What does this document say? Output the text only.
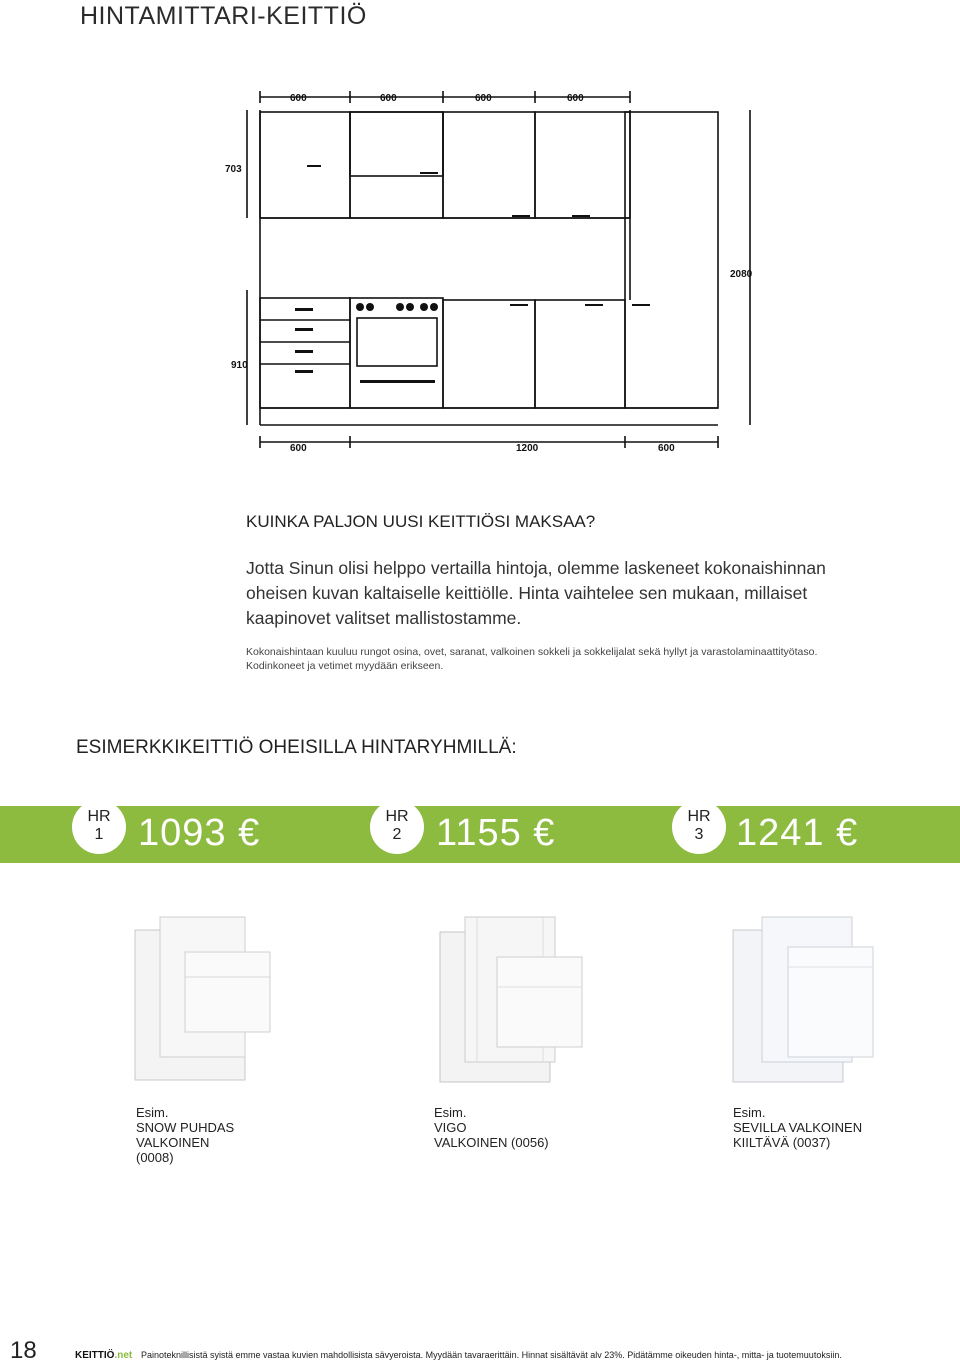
HINTAMITTARI-KEITTIÖ
600	600	600	600
703
910
2080
600	1200	600
KUINKA PALJON UUSI KEITTIÖSI MAKSAA?
Jotta Sinun olisi helppo vertailla hintoja, olemme laskeneet kokonaishinnan oheisen kuvan kaltaiselle keittiölle. Hinta vaihtelee sen mukaan, millaiset kaapinovet valitset mallistostamme.
Kokonaishintaan kuuluu rungot osina, ovet, saranat, valkoinen sokkeli ja sokkelijalat sekä hyllyt ja varastolaminaattityötaso. Kodinkoneet ja vetimet myydään erikseen.
ESIMERKKIKEITTIÖ OHEISILLA HINTARYHMILLÄ:
HR
1 1093 €	HR
2 1155 €	HR
3 1241 €
Esim.
SNOW PUHDAS
VALKOINEN
(0008)
Esim.
VIGO
VALKOINEN (0056)
Esim.
SEVILLA VALKOINEN
KIILTÄVÄ (0037)
18	KEITTIÖ.net Painoteknillisistä syistä emme vastaa kuvien mahdollisista sävyeroista. Myydään tavaraerittäin. Hinnat sisältävät alv 23%. Pidätämme oikeuden hinta-, mitta- ja tuotemuutoksiin.
